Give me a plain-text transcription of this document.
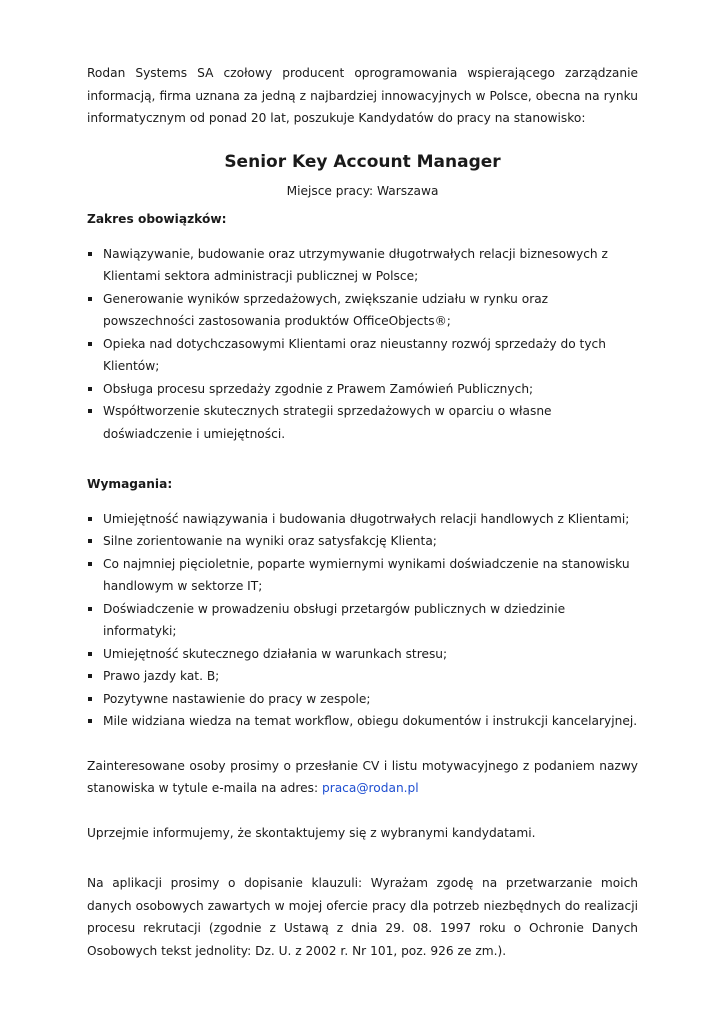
Rodan Systems SA czołowy producent oprogramowania wspierającego zarządzanie informacją, firma uznana za jedną z najbardziej innowacyjnych w Polsce, obecna na rynku informatycznym od ponad 20 lat, poszukuje Kandydatów do pracy na stanowisko:

Senior Key Account Manager
Miejsce pracy: Warszawa
Zakres obowiązków:
Nawiązywanie, budowanie oraz utrzymywanie długotrwałych relacji biznesowych z Klientami sektora administracji publicznej w Polsce;
Generowanie wyników sprzedażowych, zwiększanie udziału w rynku oraz powszechności zastosowania produktów OfficeObjects®;
Opieka nad dotychczasowymi Klientami oraz nieustanny rozwój sprzedaży do tych Klientów;
Obsługa procesu sprzedaży zgodnie z Prawem Zamówień Publicznych;
Współtworzenie skutecznych strategii sprzedażowych w oparciu o własne doświadczenie i umiejętności.
Wymagania:
Umiejętność nawiązywania i budowania długotrwałych relacji handlowych z Klientami;
Silne zorientowanie na wyniki oraz satysfakcję Klienta;
Co najmniej pięcioletnie, poparte wymiernymi wynikami doświadczenie na stanowisku handlowym w sektorze IT;
Doświadczenie w prowadzeniu obsługi przetargów publicznych w dziedzinie informatyki;
Umiejętność skutecznego działania w warunkach stresu;
Prawo jazdy kat. B;
Pozytywne nastawienie do pracy w zespole;
Mile widziana wiedza na temat workflow, obiegu dokumentów i instrukcji kancelaryjnej.

Zainteresowane osoby prosimy o przesłanie CV i listu motywacyjnego z podaniem nazwy stanowiska w tytule e-maila na adres: praca@rodan.pl

Uprzejmie informujemy, że skontaktujemy się z wybranymi kandydatami.

Na aplikacji prosimy o dopisanie klauzuli: Wyrażam zgodę na przetwarzanie moich danych osobowych zawartych w mojej ofercie pracy dla potrzeb niezbędnych do realizacji procesu rekrutacji (zgodnie z Ustawą z dnia 29. 08. 1997 roku o Ochronie Danych Osobowych tekst jednolity: Dz. U. z 2002 r. Nr 101, poz. 926 ze zm.).
